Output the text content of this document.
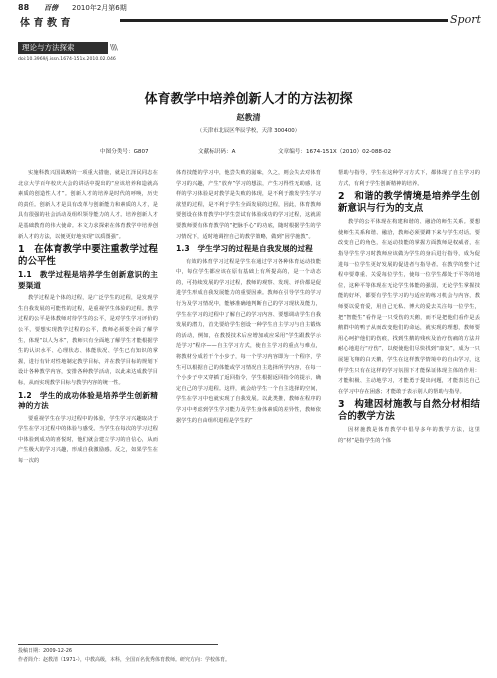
88 百傍 2010年2月第6期
体 育 教 育	Sport
理论与方法探索	\\\\
doi:10.3969/j.issn.1674-151x.2010.02.046
体育教学中培养创新人才的方法初探
赵教清
（天津市北辰区华辰学校，天津 300400）
中图分类号：G807	文献标识码：A	文章编号：1674-151X（2010）02-088-02

实施科教兴国战略的一项重大措施，就是江泽民同志在北京大学百年校庆大会的讲话中提出的“应该培养和造就高素质的创造性人才”。创新人才的培养是时代的呼唤，历史的责任。创新人才是具有改革与创新能力和素质的人才，是具有很强的社会活动及组织领导能力的人才。培养创新人才是基础教育的伟大使命。本文力求探索在体育教学中培养创新人才的方法，以便更好地实现“以质图强”。

1　在体育教学中要注重教学过程的公平性
1.1　教学过程是培养学生创新意识的主要渠道

教学过程是个体的过程，是广泛学生的过程，是发现学生自我发展的可能性的过程，是重视学生体验的过程。教学过程的公平是体教师对待学生的公平，是对学生学习评价的公平，要想实现教学过程的公平，教师必须要全面了解学生，体现“以人为本”，教师只有全面地了解学生才能根据学生的认识水平、心理状态、体能状况、学生已有知识的掌握，进行有针对性地制定教学目标，并在教学目标的规划下设计各种教学内容，安排各种教学活动，以此来达成教学目标，从而实现教学目标与教学内容的统一性。

1.2　学生的成功体验是培养学生创新精神的方法

要重视学生在学习过程中的体验，学生学习兴趣取决于学生在学习过程中的体验与感受。当学生在每次的学习过程中体验到成功的喜悦时，他们就会建立学习的自信心，从而产生极大的学习兴趣，形成自我激励感。反之，如果学生在每一次的

体育技能的学习中，他尝失败的滋味，久之，则会失去对体育学习的兴趣，产生“放弃”学习的想法，产生习得性无助感，这样的学习体验是对教学是失败的体现，是不利于激发学生学习欲望的过程，是不利于学生全面发展的过程，因此，体育教师要创设在体育教学中学生尝试有体验成功的学习过程，这就需要教师要有体育教学的“把脉手心”的功底，随时根据学生的学习情况下，适时地调控自己的教学策略，做到“因学施教”。

1.3　学生学习的过程是自我发展的过程

有效的体育学习过程是学生在通过学习各种体育运动技能中，每位学生都应该在原有基础上有所提高的，是一个动态的，可持续发展的学习过程，教师的观察、发现、评价都是促进学生形成自我发展能力的重要因素。教师在引导学生的学习行为及学习情况中，能够准确地判断自己的学习现状及能力，学生在学习的过程中了解自己的学习内容、要想调动学生自我发展的潜力，首先要给学生创设一种学生自主学习与自主锻炼的活动，例如，在教授技术后应增加或应采用“学生跟教学示范学习”程序——自主学习方式，使自主学习的重点与难点，将教材分成若干个小步子，每一个学习内容即为一个程序，学生可以根据自己的体能或学习情况自主选择所学内容，在每一个小步子中又穿插了返回指令，学生根据返回指令的提示，确定自己的学习进程。这样，就会给学生一个自主选择的空间，学生在学习中也就实现了自我发展。以此类推，教师在程序的学习中考虑到学生学习能力及学生身体素质的差异性，教师依据学生的自由组织进程是学生的”

帮助与指导，学生在这种学习方式下，都体现了自主学习的方式，有利于学生创新精神的培养。

2　和谐的教学情境是培养学生创新意识与行为的支点

教学的公平体现在构建和谐的、融洽的师生关系。要想使师生关系和谐、融洽，教师必须要蹲下来与学生对话。要改变自己的角色，在运动技能的掌握方面教师是权威者，在指导学生学习时教师应该做为学生的身后进行指导，成为促进每一位学生更好发展的促进者与指导者。在教学的整个过程中要尊重、关爱每位学生，使每一位学生都处于平等的地位，这种平等体现在无论学生体能的强弱，无论学生掌握技能的好坏，都要有学生学习的与适应的练习机会与内容，教师要以爱育爱，用自己无私、博大的爱去关注每一位学生，把“智能生”看作是一只受伤的天鹅，而不是把他们看作是丢鹅群中的鸭子从而改变他们的命运，就实现的理想，教师要用心呵护他们的伤痕，找到生鹅的残疾及治疗伤痛的方法并耐心地进行“疗伤”，以便使他们尽快找到“康复”，成为一只展翅飞翔的白天鹅，学生在这样教学情境中的自由学习，这样学生只有在这样的学习氛围下才能保证体现主体的作用：才能积极、主动地学习，才能勇于提出问题，才能表达自己在学习中存在困惑；才能敢于表示别人的帮助与指导。

3　构建因材施教与自然分材相结合的教学方法

因材施教是体育教学中倡导多年的教学方法，这里的“材”是指学生的个体

投稿日期：2009-12-26
作者简介：赵教清（1971-），中教高级，本科，全国百名优秀体育教师。研究方向：学校体育。
